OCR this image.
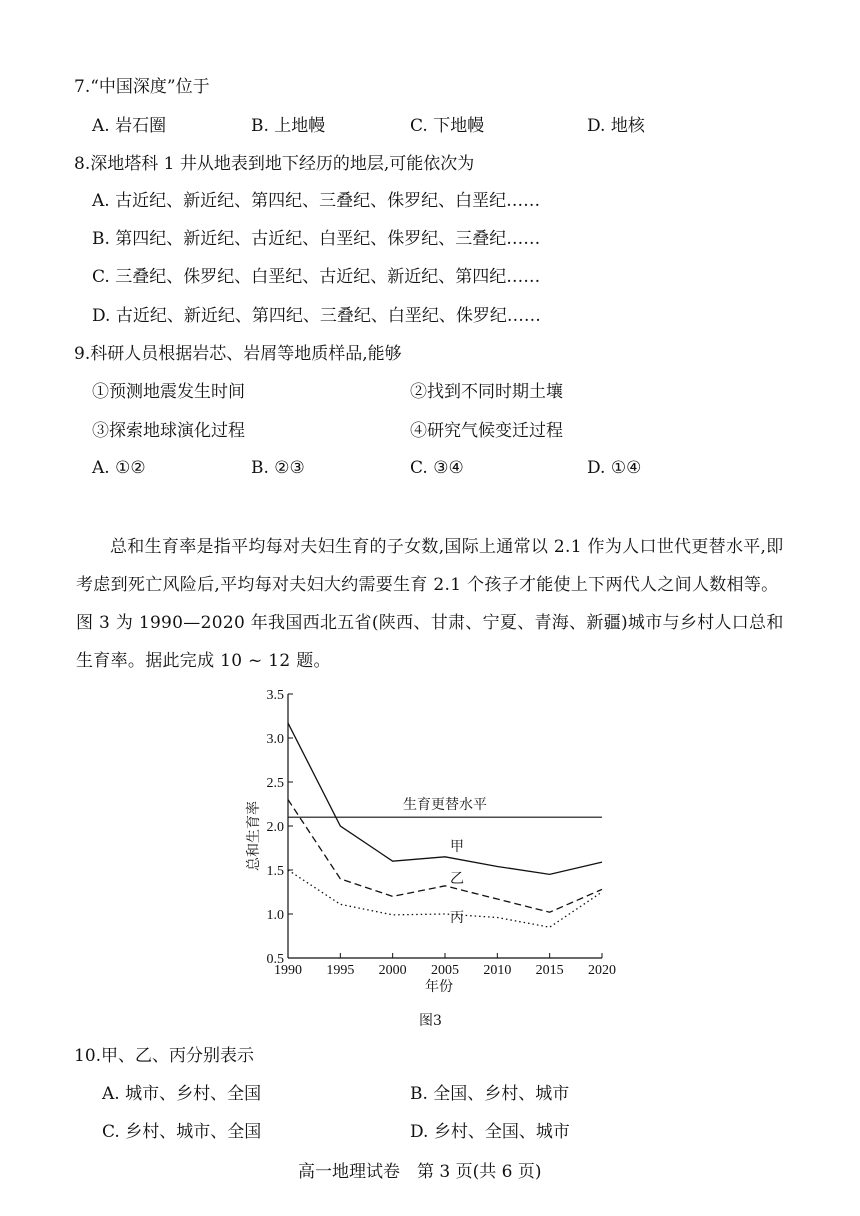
7.“中国深度”位于
A. 岩石圈	B. 上地幔	C. 下地幔	D. 地核
8.深地塔科 1 井从地表到地下经历的地层,可能依次为
A. 古近纪、新近纪、第四纪、三叠纪、侏罗纪、白垩纪……
B. 第四纪、新近纪、古近纪、白垩纪、侏罗纪、三叠纪……
C. 三叠纪、侏罗纪、白垩纪、古近纪、新近纪、第四纪……
D. 古近纪、新近纪、第四纪、三叠纪、白垩纪、侏罗纪……
9.科研人员根据岩芯、岩屑等地质样品,能够
①预测地震发生时间	②找到不同时期土壤
③探索地球演化过程	④研究气候变迁过程
A. ①②	B. ②③	C. ③④	D. ①④

总和生育率是指平均每对夫妇生育的子女数,国际上通常以 2.1 作为人口世代更替水平,即考虑到死亡风险后,平均每对夫妇大约需要生育 2.1 个孩子才能使上下两代人之间人数相等。图 3 为 1990—2020 年我国西北五省(陕西、甘肃、宁夏、青海、新疆)城市与乡村人口总和生育率。据此完成 10 ~ 12 题。

3.5
3.0
2.5
2.0
1.5
1.0
0.5
1990 1995 2000 2005 2010 2015 2020
年份
总和生育率	生育更替水平
甲
乙
丙
图3
10.甲、乙、丙分别表示
A. 城市、乡村、全国	B. 全国、乡村、城市
C. 乡村、城市、全国	D. 乡村、全国、城市
高一地理试卷　第 3 页(共 6 页)
